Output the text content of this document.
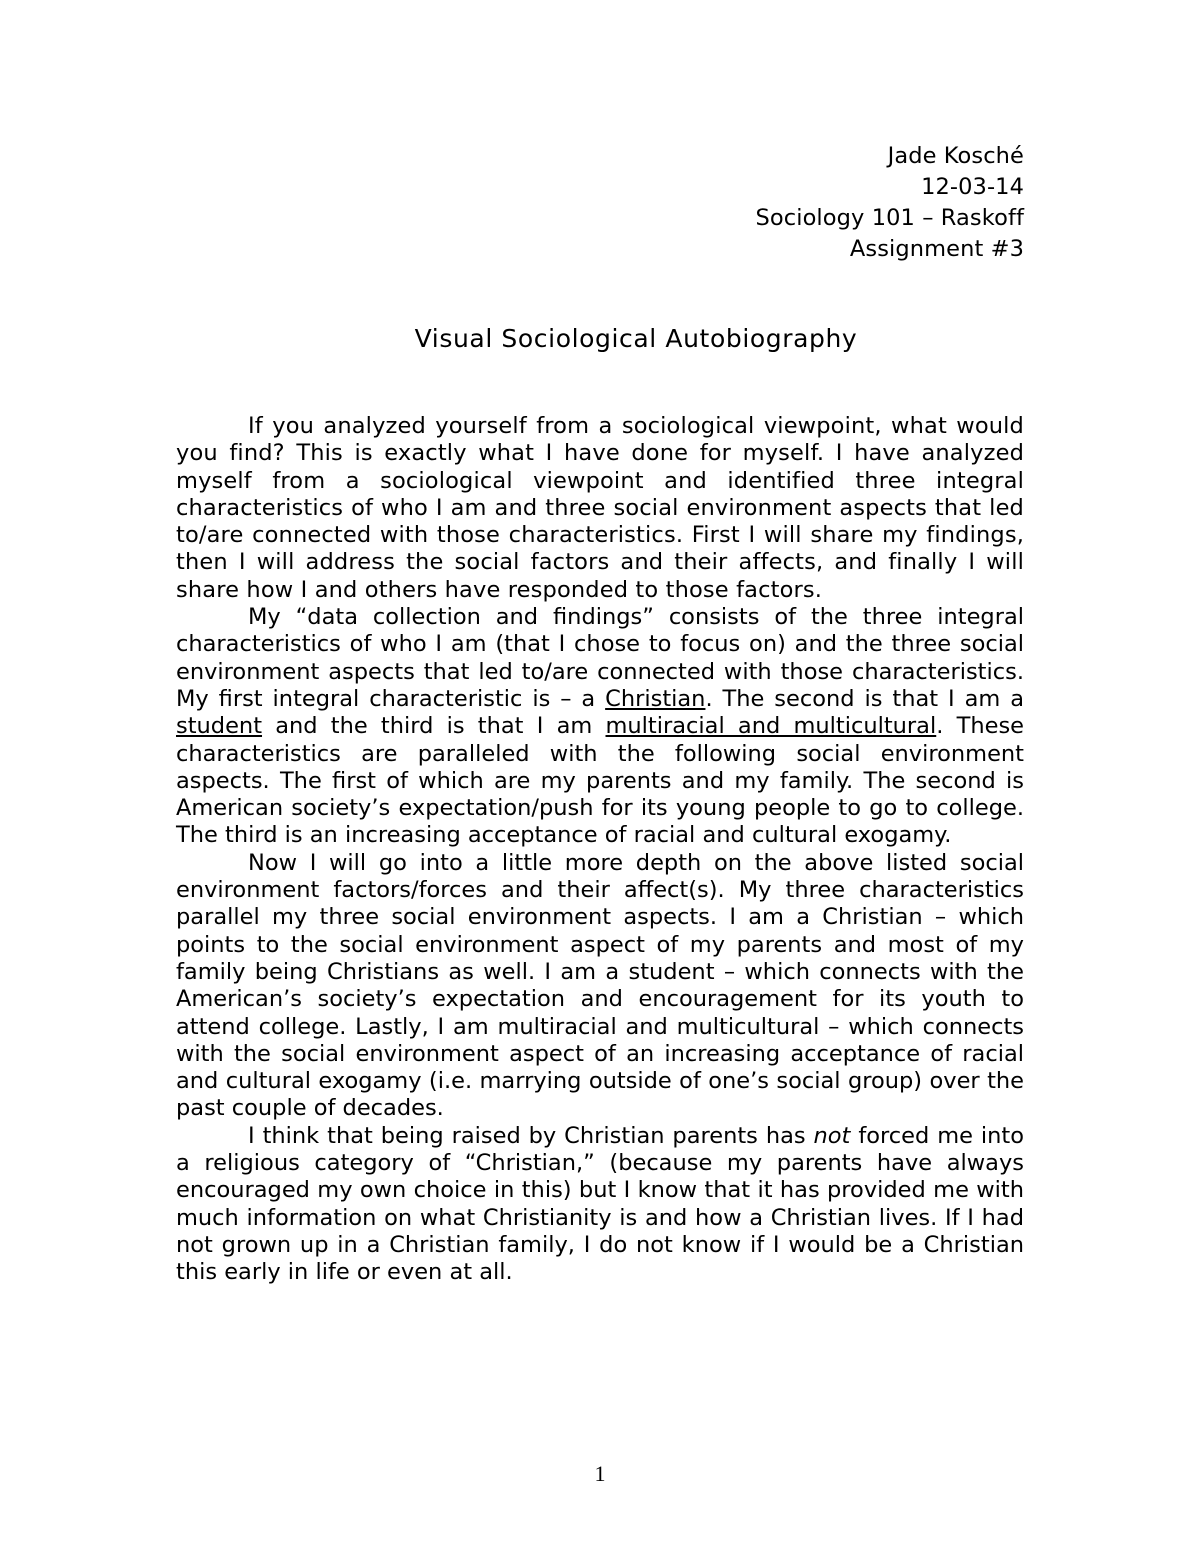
Jade Kosché
12-03-14
Sociology 101 – Raskoff
Assignment #3
Visual Sociological Autobiography

If you analyzed yourself from a sociological viewpoint, what would you find? This is exactly what I have done for myself. I have analyzed myself from a sociological viewpoint and identified three integral characteristics of who I am and three social environment aspects that led to/are connected with those characteristics. First I will share my findings, then I will address the social factors and their affects, and finally I will share how I and others have responded to those factors.

My “data collection and findings” consists of the three integral characteristics of who I am (that I chose to focus on) and the three social environment aspects that led to/are connected with those characteristics. My first integral characteristic is – a Christian. The second is that I am a student and the third is that I am multiracial and multicultural. These characteristics are paralleled with the following social environment aspects. The first of which are my parents and my family. The second is American society’s expectation/push for its young people to go to college. The third is an increasing acceptance of racial and cultural exogamy.

Now I will go into a little more depth on the above listed social environment factors/forces and their affect(s). My three characteristics parallel my three social environment aspects. I am a Christian – which points to the social environment aspect of my parents and most of my family being Christians as well. I am a student – which connects with the American’s society’s expectation and encouragement for its youth to attend college. Lastly, I am multiracial and multicultural – which connects with the social environment aspect of an increasing acceptance of racial and cultural exogamy (i.e. marrying outside of one’s social group) over the past couple of decades.

I think that being raised by Christian parents has not forced me into a religious category of “Christian,” (because my parents have always encouraged my own choice in this) but I know that it has provided me with much information on what Christianity is and how a Christian lives. If I had not grown up in a Christian family, I do not know if I would be a Christian this early in life or even at all.

1
